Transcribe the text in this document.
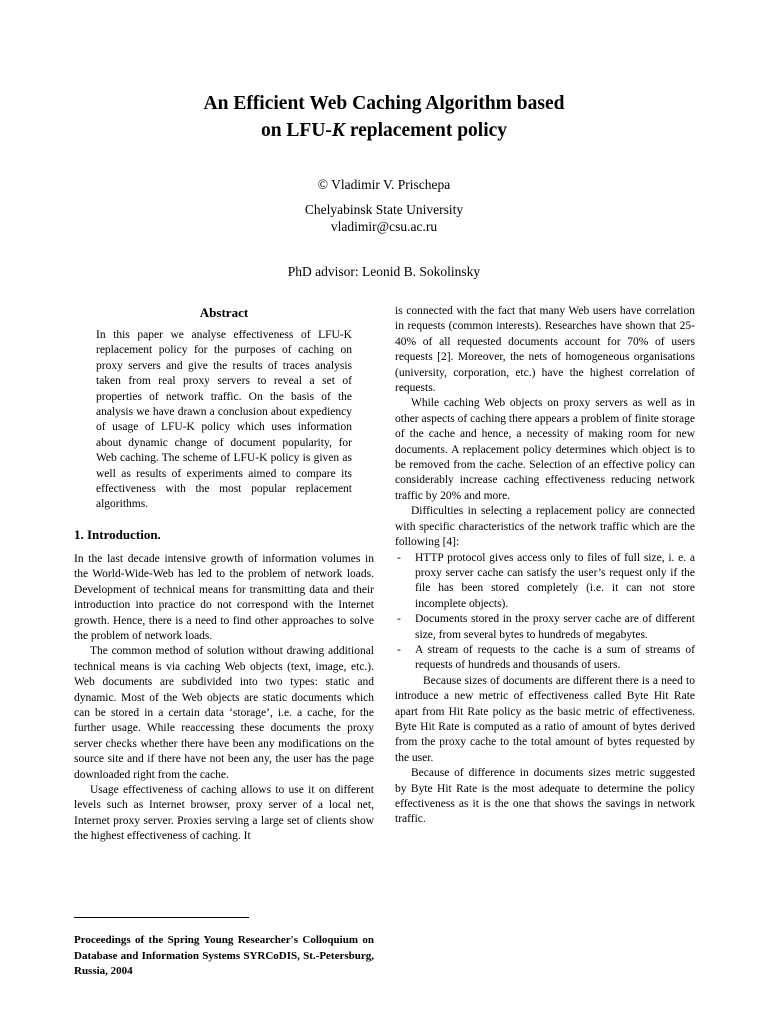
An Efficient Web Caching Algorithm based
on LFU-K replacement policy
© Vladimir V. Prischepa
Chelyabinsk State University
vladimir@csu.ac.ru
PhD advisor: Leonid B. Sokolinsky
Abstract

In this paper we analyse effectiveness of LFU-K replacement policy for the purposes of caching on proxy servers and give the results of traces analysis taken from real proxy servers to reveal a set of properties of network traffic. On the basis of the analysis we have drawn a conclusion about expediency of usage of LFU-K policy which uses information about dynamic change of document popularity, for Web caching. The scheme of LFU-K policy is given as well as results of experiments aimed to compare its effectiveness with the most popular replacement algorithms.

1. Introduction.

In the last decade intensive growth of information volumes in the World-Wide-Web has led to the problem of network loads. Development of technical means for transmitting data and their introduction into practice do not correspond with the Internet growth. Hence, there is a need to find other approaches to solve the problem of network loads.

The common method of solution without drawing additional technical means is via caching Web objects (text, image, etc.). Web documents are subdivided into two types: static and dynamic. Most of the Web objects are static documents which can be stored in a certain data ‘storage’, i.e. a cache, for the further usage. While reaccessing these documents the proxy server checks whether there have been any modifications on the source site and if there have not been any, the user has the page downloaded right from the cache.

Usage effectiveness of caching allows to use it on different levels such as Internet browser, proxy server of a local net, Internet proxy server. Proxies serving a large set of clients show the highest effectiveness of caching. It

is connected with the fact that many Web users have correlation in requests (common interests). Researches have shown that 25-40% of all requested documents account for 70% of users requests [2]. Moreover, the nets of homogeneous organisations (university, corporation, etc.) have the highest correlation of requests.

While caching Web objects on proxy servers as well as in other aspects of caching there appears a problem of finite storage of the cache and hence, a necessity of making room for new documents. A replacement policy determines which object is to be removed from the cache. Selection of an effective policy can considerably increase caching effectiveness reducing network traffic by 20% and more.

Difficulties in selecting a replacement policy are connected with specific characteristics of the network traffic which are the following [4]:

- HTTP protocol gives access only to files of full size, i. e. a proxy server cache can satisfy the user’s request only if the file has been stored completely (i.e. it can not store incomplete objects).
- Documents stored in the proxy server cache are of different size, from several bytes to hundreds of megabytes.
- A stream of requests to the cache is a sum of streams of requests of hundreds and thousands of users.

Because sizes of documents are different there is a need to introduce a new metric of effectiveness called Byte Hit Rate apart from Hit Rate policy as the basic metric of effectiveness. Byte Hit Rate is computed as a ratio of amount of bytes derived from the proxy cache to the total amount of bytes requested by the user.

Because of difference in documents sizes metric suggested by Byte Hit Rate is the most adequate to determine the policy effectiveness as it is the one that shows the savings in network traffic.

Proceedings of the Spring Young Researcher's Colloquium on Database and Information Systems SYRCoDIS, St.-Petersburg, Russia, 2004
